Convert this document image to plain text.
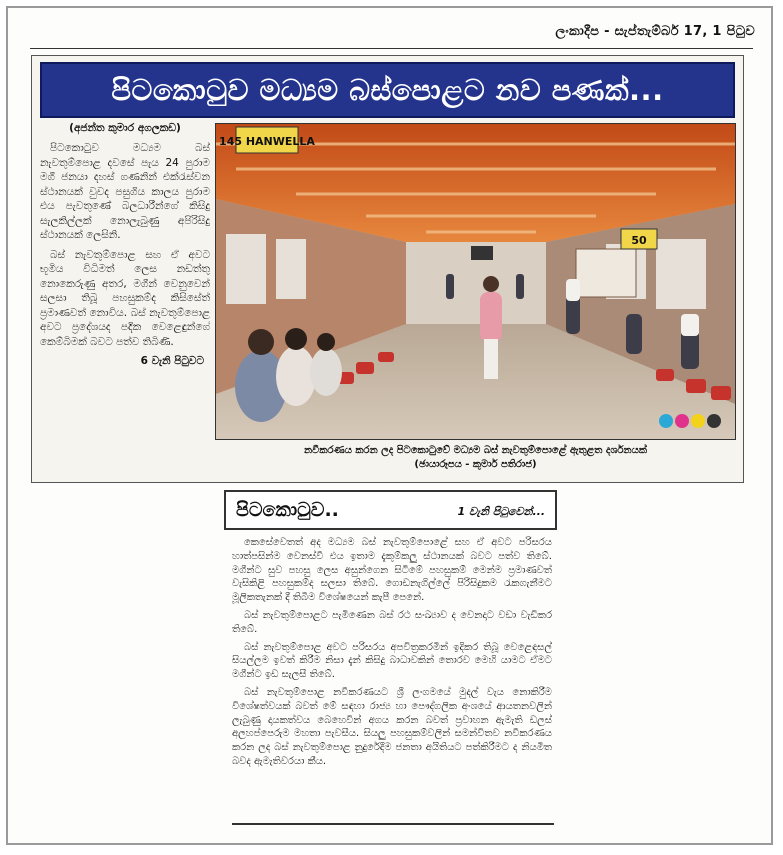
ලංකාදීප - සැප්තැම්බර් 17, 1 පිටුව
පිටකොටුව මධ්‍යම බස්පොළට නව පණක්...
(අජන්ත කුමාර අගලකඩ)

පිටකොටුව මධ්‍යම බස් නැවතුම්පොළ දවසේ පැය 24 පුරාම මගී ජනයා දහස් ගණනින් එක්රැස්වන ස්ථානයක් වුවද පසුගිය කාලය පුරාම එය පැවතුණේ බලධාරීන්ගේ කිසිදු සැලකිල්ලක් නොලැබුණු අපිරිසිදු ස්ථානයක් ලෙසිනි.

බස් නැවතුම්පොළ සහ ඒ අවට භූමිය විධිමත් ලෙස නඩත්තු නොකෙරුණු අතර, මගීන් වෙනුවෙන් සලසා තිබූ පහසුකම්ද කිසිසේත් ප්‍රමාණවත් නොවිය. බස් නැවතුම්පොළ අවට ප්‍රදේශයද පදික වෙළෙඳුන්ගේ කෙම්බිමක් බවට පත්ව තිබිණි.

6 වැනි පිටුවට
145 HANWELLA
50
නවීකරණය කරන ලද පිටකොටුවේ මධ්‍යම බස් නැවතුම්පොළේ ඇතුළත දර්ශනයක්
(ඡායාරූපය - කුමාර් පතිරාජ)
පිටකොටුව..	1 වැනි පිටුවෙන්...

කෙසේවෙතත් අද මධ්‍යම බස් නැවතුම්පොළේ සහ ඒ අවට පරිසරය හාත්පසින්ම වෙනස්වී එය ඉතාම දැකුම්කලු ස්ථානයක් බවට පත්ව තිබේ. මගීන්ට සුව පහසු ලෙස අසුන්ගෙන සිටීමේ පහසුකම් මෙන්ම ප්‍රමාණවත් වැසිකිළි පහසුකම්ද සලසා තිබේ. ගොඩනැගිල්ලේ පිරිසිදුකම රැකගැනීමට මූලිකතැනක් දී තිබීම විශේෂයෙන් කැපී පෙනේ.

බස් නැවතුම්පොළට පැමිණෙන බස් රථ සංඛ්‍යාව ද වෙනදාට වඩා වැඩිකර තිබේ.

බස් නැවතුම්පොළ අවට පරිසරය අපවිත්‍රකරමින් ඉදිකර තිබූ වෙළෙඳසල් සියල්ලම ඉවත් කිරීම නිසා දැන් කිසිදු බාධාවකින් තොරව මෙහි යාමට ඒමට මගීන්ට ඉඩ සැලසී තිබේ.

බස් නැවතුම්පොළ නවීකරණයට ශ්‍රී ලංගමයේ මුදල් වැය නොකිරීම විශේෂත්වයක් බවත් මේ සඳහා රාජ්‍ය හා පෞද්ගලික අංශයේ ආයතනවලින් ලැබුණු දායකත්වය බෙහෙවින් අගය කරන බවත් ප්‍රවාහන ඇමැති ඩලස් අලහප්පෙරුම මහතා පැවසීය. සියලු පහසුකම්වලින් සමන්විතව නවීකරණය කරන ලද බස් නැවතුම්පොළ නුදුරේදීම ජනතා අයිතියට පත්කිරීමට ද නියමිත බවද ඇමැතිවරයා කීය.
